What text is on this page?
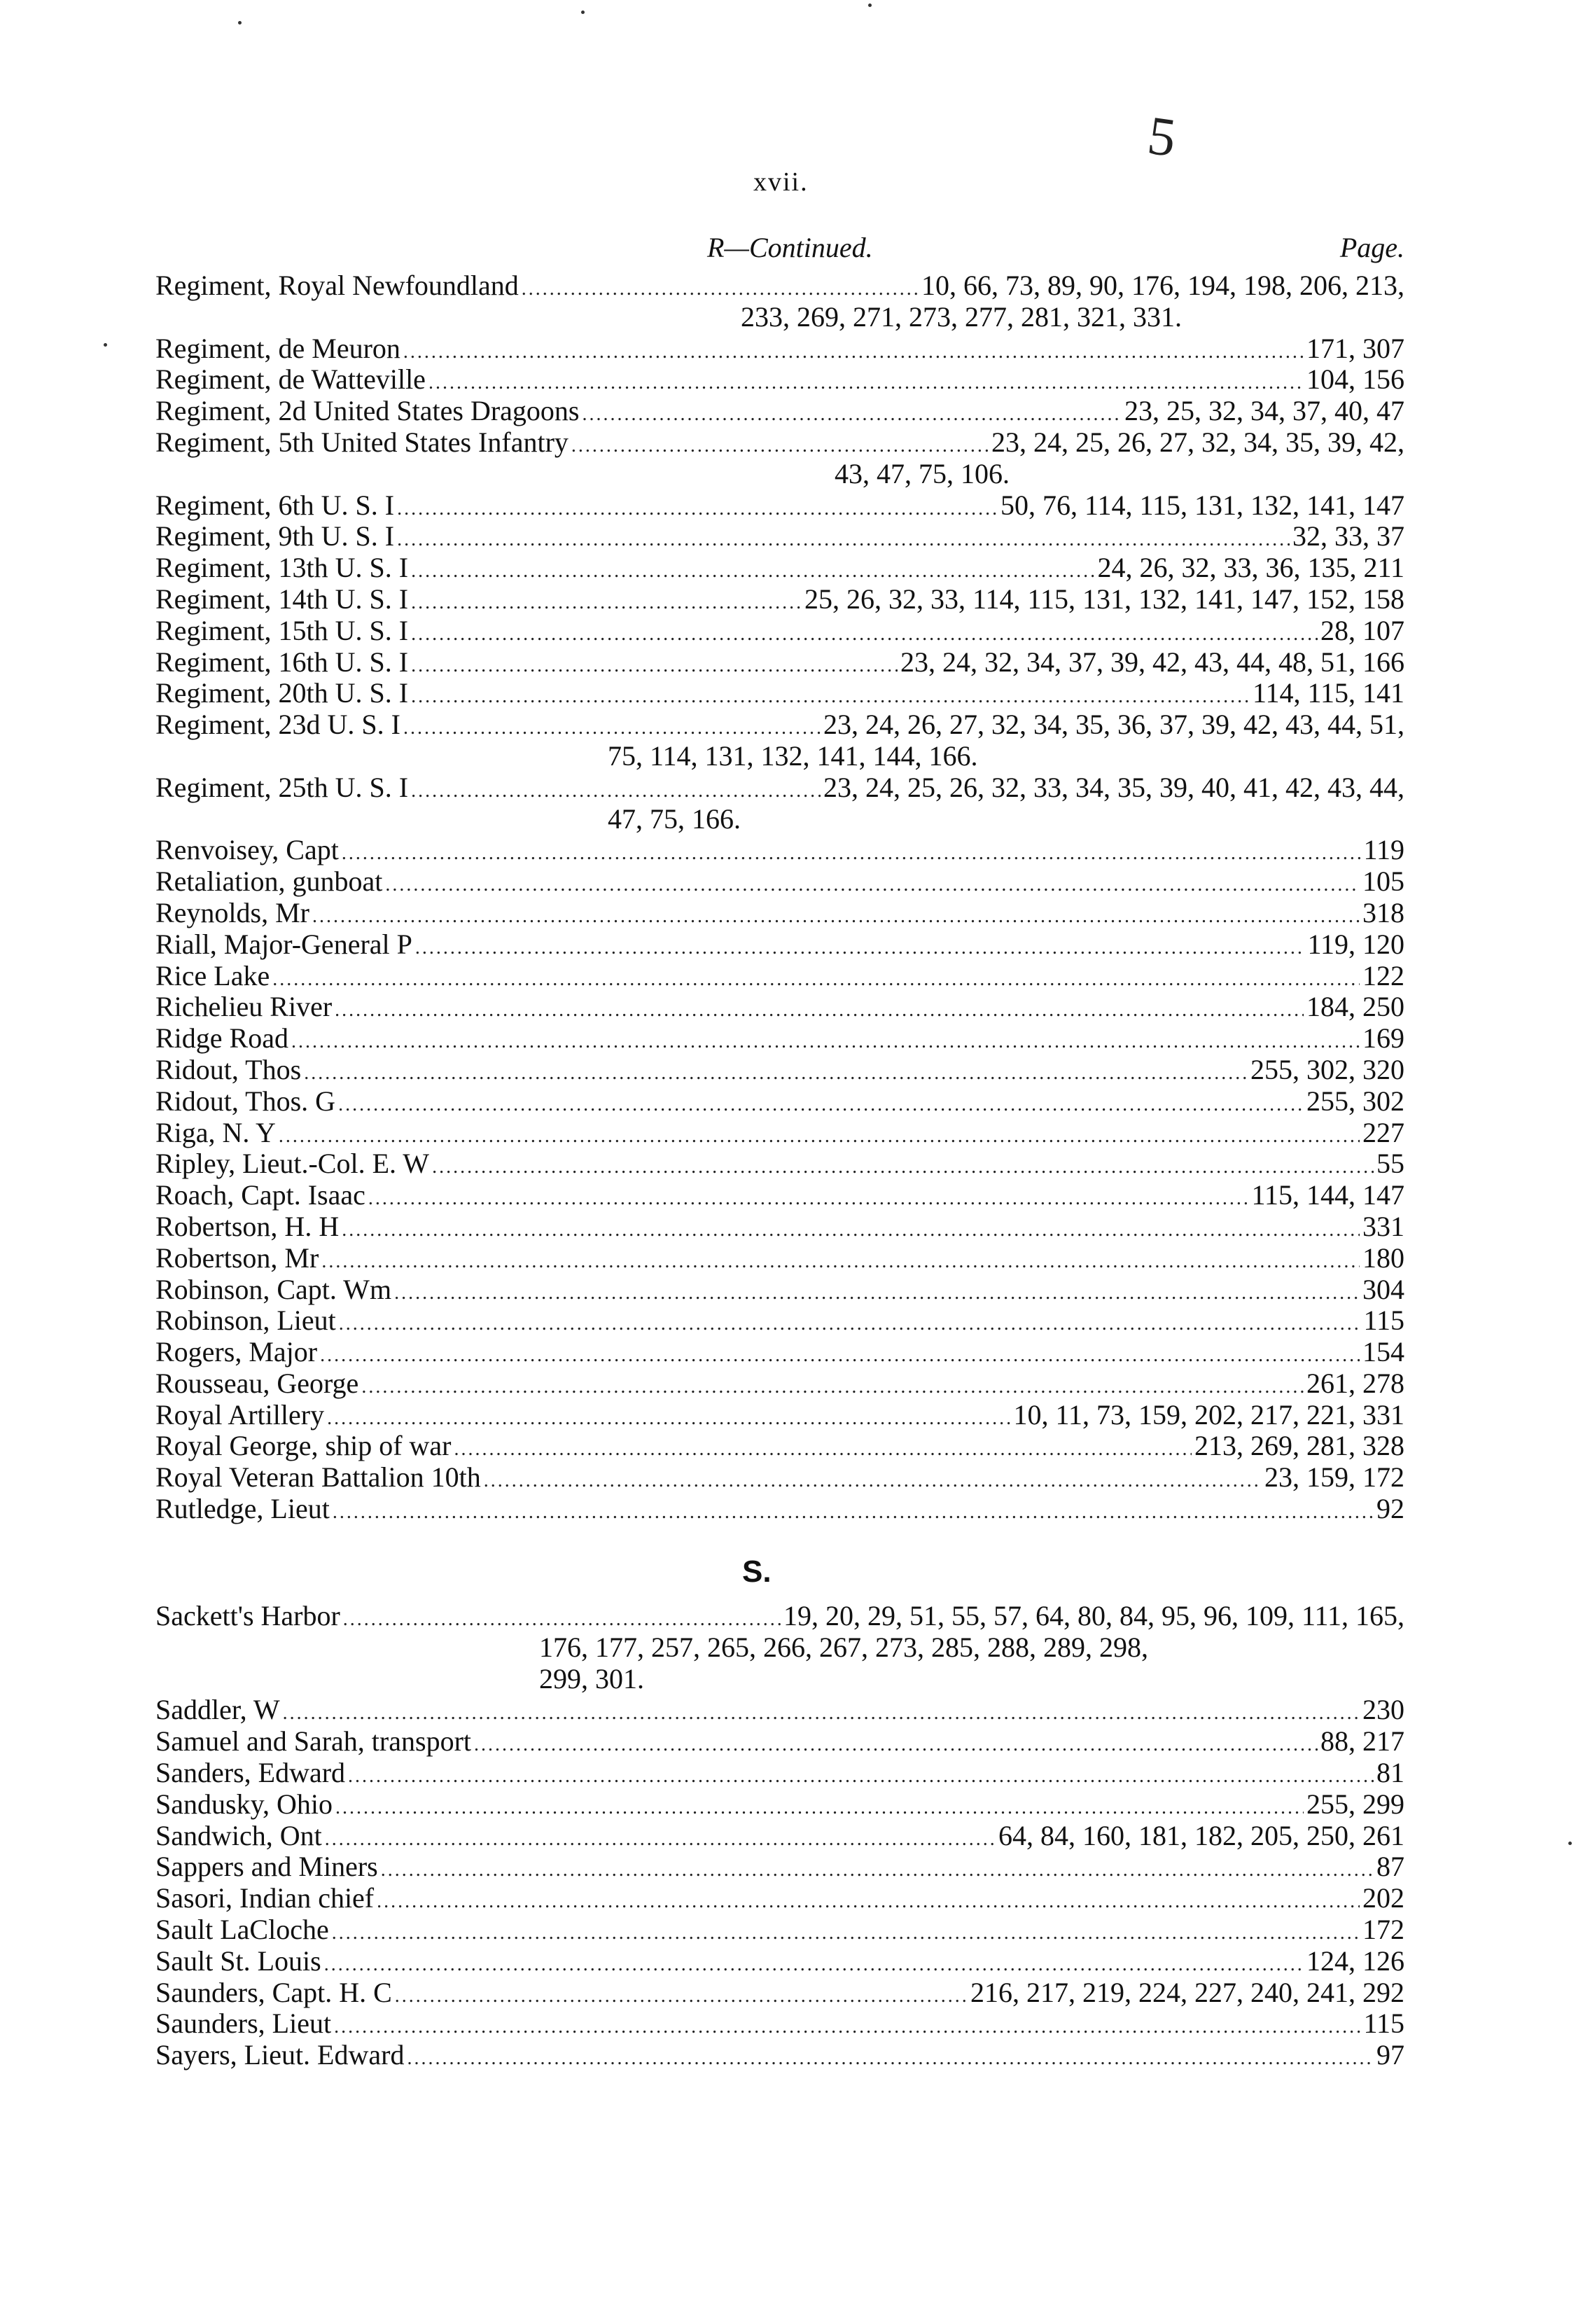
xvii.
5
R—Continued.	Page.
Regiment, Royal Newfoundland .....	10, 66, 73, 89, 90, 176, 194, 198, 206, 213,
233, 269, 271, 273, 277, 281, 321, 331.
Regiment, de Meuron .....	171, 307
Regiment, de Watteville .....	104, 156
Regiment, 2d United States Dragoons .....	23, 25, 32, 34, 37, 40, 47
Regiment, 5th United States Infantry .....	23, 24, 25, 26, 27, 32, 34, 35, 39, 42,
43, 47, 75, 106.
Regiment, 6th U. S. I .....	50, 76, 114, 115, 131, 132, 141, 147
Regiment, 9th U. S. I .....	32, 33, 37
Regiment, 13th U. S. I .....	24, 26, 32, 33, 36, 135, 211
Regiment, 14th U. S. I .....	25, 26, 32, 33, 114, 115, 131, 132, 141, 147, 152, 158
Regiment, 15th U. S. I .....	28, 107
Regiment, 16th U. S. I .....	23, 24, 32, 34, 37, 39, 42, 43, 44, 48, 51, 166
Regiment, 20th U. S. I .....	114, 115, 141
Regiment, 23d U. S. I .....	23, 24, 26, 27, 32, 34, 35, 36, 37, 39, 42, 43, 44, 51,
75, 114, 131, 132, 141, 144, 166.
Regiment, 25th U. S. I .....	23, 24, 25, 26, 32, 33, 34, 35, 39, 40, 41, 42, 43, 44,
47, 75, 166.
Renvoisey, Capt .....	119
Retaliation, gunboat .....	105
Reynolds, Mr .....	318
Riall, Major-General P .....	119, 120
Rice Lake .....	122
Richelieu River .....	184, 250
Ridge Road .....	169
Ridout, Thos .....	255, 302, 320
Ridout, Thos. G .....	255, 302
Riga, N. Y .....	227
Ripley, Lieut.-Col. E. W .....	55
Roach, Capt. Isaac .....	115, 144, 147
Robertson, H. H .....	331
Robertson, Mr .....	180
Robinson, Capt. Wm .....	304
Robinson, Lieut .....	115
Rogers, Major .....	154
Rousseau, George .....	261, 278
Royal Artillery .....	10, 11, 73, 159, 202, 217, 221, 331
Royal George, ship of war .....	213, 269, 281, 328
Royal Veteran Battalion 10th .....	23, 159, 172
Rutledge, Lieut .....	92
S.
Sackett's Harbor .....	19, 20, 29, 51, 55, 57, 64, 80, 84, 95, 96, 109, 111, 165,
176, 177, 257, 265, 266, 267, 273, 285, 288, 289, 298,
299, 301.
Saddler, W .....	230
Samuel and Sarah, transport .....	88, 217
Sanders, Edward .....	81
Sandusky, Ohio .....	255, 299
Sandwich, Ont .....	64, 84, 160, 181, 182, 205, 250, 261
Sappers and Miners .....	87
Sasori, Indian chief .....	202
Sault LaCloche .....	172
Sault St. Louis .....	124, 126
Saunders, Capt. H. C .....	216, 217, 219, 224, 227, 240, 241, 292
Saunders, Lieut .....	115
Sayers, Lieut. Edward .....	97
